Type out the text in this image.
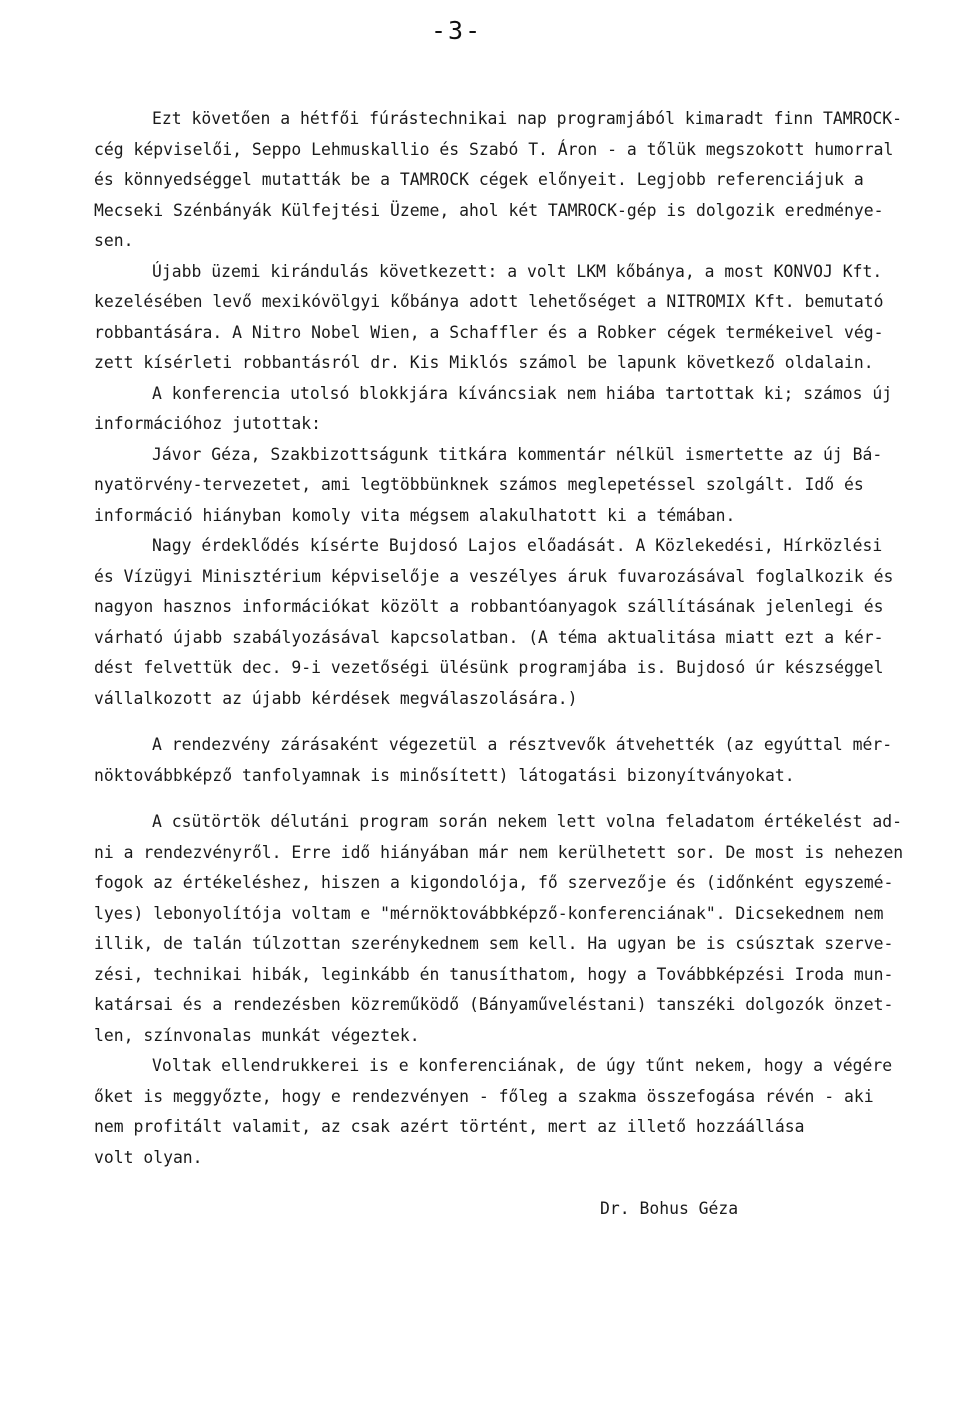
-3-
Ezt követően a hétfői fúrástechnikai nap programjából kimaradt finn TAMROCK-
cég képviselői, Seppo Lehmuskallio és Szabó T. Áron - a tőlük megszokott humorral
és könnyedséggel mutatták be a TAMROCK cégek előnyeit. Legjobb referenciájuk a
Mecseki Szénbányák Külfejtési Üzeme, ahol két TAMROCK-gép is dolgozik eredménye-
sen.
Újabb üzemi kirándulás következett: a volt LKM kőbánya, a most KONVOJ Kft.
kezelésében levő mexikóvölgyi kőbánya adott lehetőséget a NITROMIX Kft. bemutató
robbantására. A Nitro Nobel Wien, a Schaffler és a Robker cégek termékeivel vég-
zett kísérleti robbantásról dr. Kis Miklós számol be lapunk következő oldalain.
A konferencia utolsó blokkjára kíváncsiak nem hiába tartottak ki; számos új
információhoz jutottak:
Jávor Géza, Szakbizottságunk titkára kommentár nélkül ismertette az új Bá-
nyatörvény-tervezetet, ami legtöbbünknek számos meglepetéssel szolgált. Idő és
információ hiányban komoly vita mégsem alakulhatott ki a témában.
Nagy érdeklődés kísérte Bujdosó Lajos előadását. A Közlekedési, Hírközlési
és Vízügyi Minisztérium képviselője a veszélyes áruk fuvarozásával foglalkozik és
nagyon hasznos információkat közölt a robbantóanyagok szállításának jelenlegi és
várható újabb szabályozásával kapcsolatban. (A téma aktualitása miatt ezt a kér-
dést felvettük dec. 9-i vezetőségi ülésünk programjába is. Bujdosó úr készséggel
vállalkozott az újabb kérdések megválaszolására.)
A rendezvény zárásaként végezetül a résztvevők átvehették (az egyúttal mér-
nöktovábbképző tanfolyamnak is minősített) látogatási bizonyítványokat.
A csütörtök délutáni program során nekem lett volna feladatom értékelést ad-
ni a rendezvényről. Erre idő hiányában már nem kerülhetett sor. De most is nehezen
fogok az értékeléshez, hiszen a kigondolója, fő szervezője és (időnként egyszemé-
lyes) lebonyolítója voltam e "mérnöktovábbképző-konferenciának". Dicsekednem nem
illik, de talán túlzottan szerénykednem sem kell. Ha ugyan be is csúsztak szerve-
zési, technikai hibák, leginkább én tanusíthatom, hogy a Továbbképzési Iroda mun-
katársai és a rendezésben közreműködő (Bányaműveléstani) tanszéki dolgozók önzet-
len, színvonalas munkát végeztek.
Voltak ellendrukkerei is e konferenciának, de úgy tűnt nekem, hogy a végére
őket is meggyőzte, hogy e rendezvényen - főleg a szakma összefogása révén - aki
nem profitált valamit, az csak azért történt, mert az illető hozzáállása
volt olyan.
Dr. Bohus Géza
